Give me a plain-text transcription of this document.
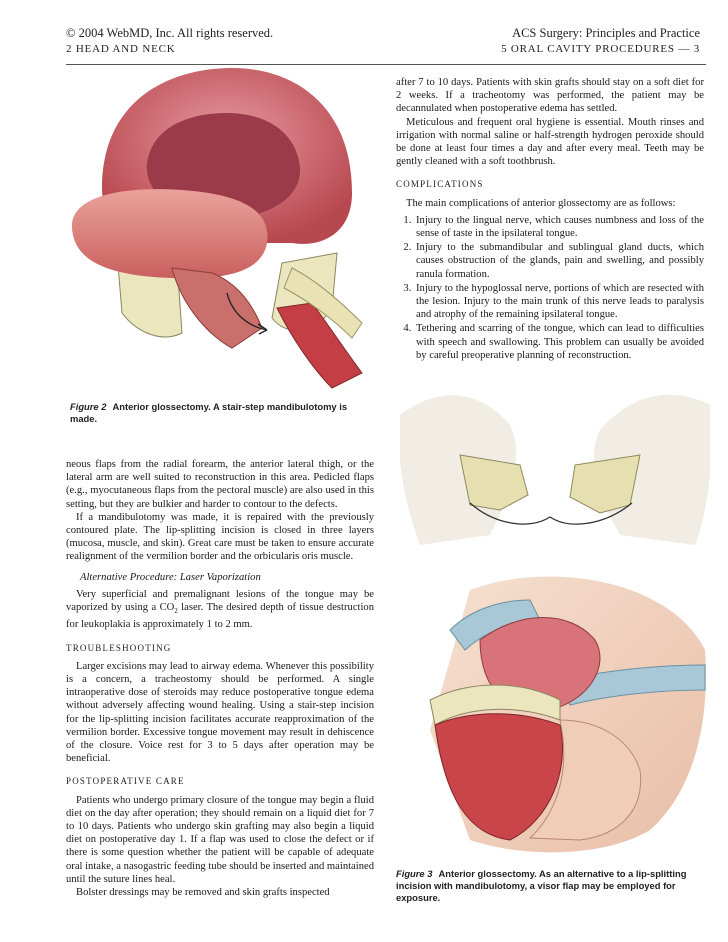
© 2004 WebMD, Inc. All rights reserved.
2 HEAD AND NECK
ACS Surgery: Principles and Practice
5 ORAL CAVITY PROCEDURES — 3
Figure 2 Anterior glossectomy. A stair-step mandibulotomy is made.

neous flaps from the radial forearm, the anterior lateral thigh, or the lateral arm are well suited to reconstruction in this area. Pedicled flaps (e.g., myocutaneous flaps from the pectoral muscle) are also used in this setting, but they are bulkier and harder to contour to the defects.

If a mandibulotomy was made, it is repaired with the previously contoured plate. The lip-splitting incision is closed in three layers (mucosa, muscle, and skin). Great care must be taken to ensure accurate realignment of the vermilion border and the orbicularis oris muscle.

Alternative Procedure: Laser Vaporization

Very superficial and premalignant lesions of the tongue may be vaporized by using a $CO_2$ laser. The desired depth of tissue destruction for leukoplakia is approximately 1 to 2 mm.

TROUBLESHOOTING

Larger excisions may lead to airway edema. Whenever this possibility is a concern, a tracheostomy should be performed. A single intraoperative dose of steroids may reduce postoperative tongue edema without adversely affecting wound healing. Using a stair-step incision for the lip-splitting incision facilitates accurate reapproximation of the vermilion border. Excessive tongue movement may result in dehiscence of the closure. Voice rest for 3 to 5 days after operation may be beneficial.

POSTOPERATIVE CARE

Patients who undergo primary closure of the tongue may begin a fluid diet on the day after operation; they should remain on a liquid diet for 7 to 10 days. Patients who undergo skin grafting may also begin a liquid diet on postoperative day 1. If a flap was used to close the defect or if there is some question whether the patient will be capable of adequate oral intake, a nasogastric feeding tube should be inserted and maintained until the suture lines heal.

Bolster dressings may be removed and skin grafts inspected

after 7 to 10 days. Patients with skin grafts should stay on a soft diet for 2 weeks. If a tracheotomy was performed, the patient may be decannulated when postoperative edema has settled.

Meticulous and frequent oral hygiene is essential. Mouth rinses and irrigation with normal saline or half-strength hydrogen peroxide should be done at least four times a day and after every meal. Teeth may be gently cleaned with a soft toothbrush.

COMPLICATIONS

The main complications of anterior glossectomy are as follows:

1. Injury to the lingual nerve, which causes numbness and loss of the sense of taste in the ipsilateral tongue.
2. Injury to the submandibular and sublingual gland ducts, which causes obstruction of the glands, pain and swelling, and possibly ranula formation.
3. Injury to the hypoglossal nerve, portions of which are resected with the lesion. Injury to the main trunk of this nerve leads to paralysis and atrophy of the remaining ipsilateral tongue.
4. Tethering and scarring of the tongue, which can lead to difficulties with speech and swallowing. This problem can usually be avoided by careful preoperative planning of reconstruction.
Figure 3 Anterior glossectomy. As an alternative to a lip-splitting incision with mandibulotomy, a visor flap may be employed for exposure.
